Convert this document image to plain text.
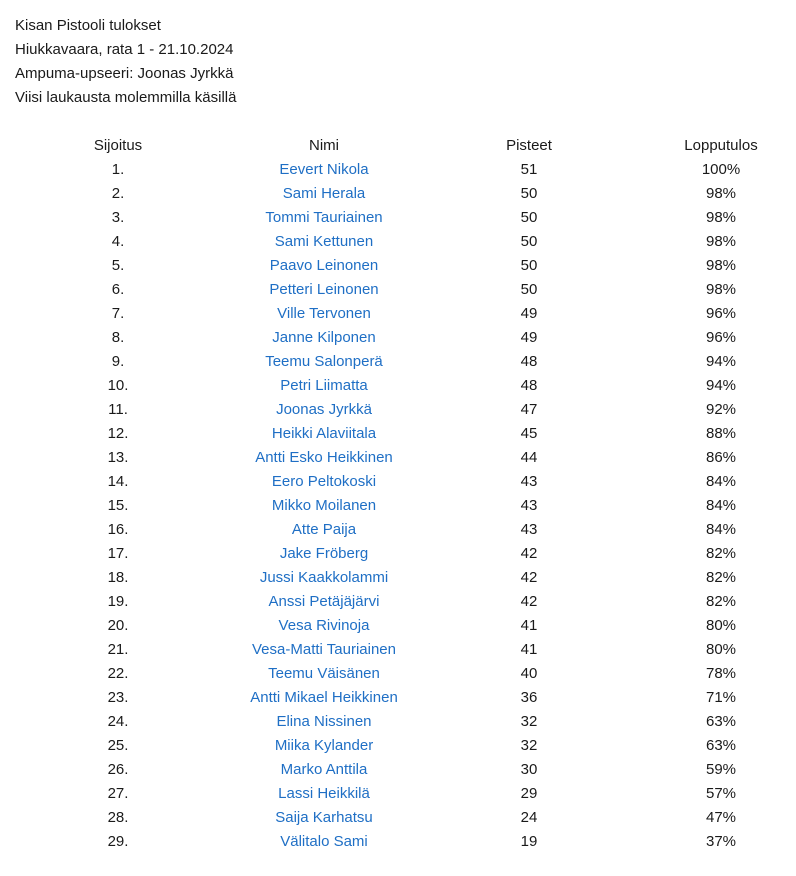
Kisan Pistooli tulokset
Hiukkavaara, rata 1 - 21.10.2024
Ampuma-upseeri: Joonas Jyrkkä
Viisi laukausta molemmilla käsillä
Sijoitus	Nimi	Pisteet	Lopputulos
1.	Eevert Nikola	51	100%
2.	Sami Herala	50	98%
3.	Tommi Tauriainen	50	98%
4.	Sami Kettunen	50	98%
5.	Paavo Leinonen	50	98%
6.	Petteri Leinonen	50	98%
7.	Ville Tervonen	49	96%
8.	Janne Kilponen	49	96%
9.	Teemu Salonperä	48	94%
10.	Petri Liimatta	48	94%
11.	Joonas Jyrkkä	47	92%
12.	Heikki Alaviitala	45	88%
13.	Antti Esko Heikkinen	44	86%
14.	Eero Peltokoski	43	84%
15.	Mikko Moilanen	43	84%
16.	Atte Paija	43	84%
17.	Jake Fröberg	42	82%
18.	Jussi Kaakkolammi	42	82%
19.	Anssi Petäjäjärvi	42	82%
20.	Vesa Rivinoja	41	80%
21.	Vesa-Matti Tauriainen	41	80%
22.	Teemu Väisänen	40	78%
23.	Antti Mikael Heikkinen	36	71%
24.	Elina Nissinen	32	63%
25.	Miika Kylander	32	63%
26.	Marko Anttila	30	59%
27.	Lassi Heikkilä	29	57%
28.	Saija Karhatsu	24	47%
29.	Välitalo Sami	19	37%
